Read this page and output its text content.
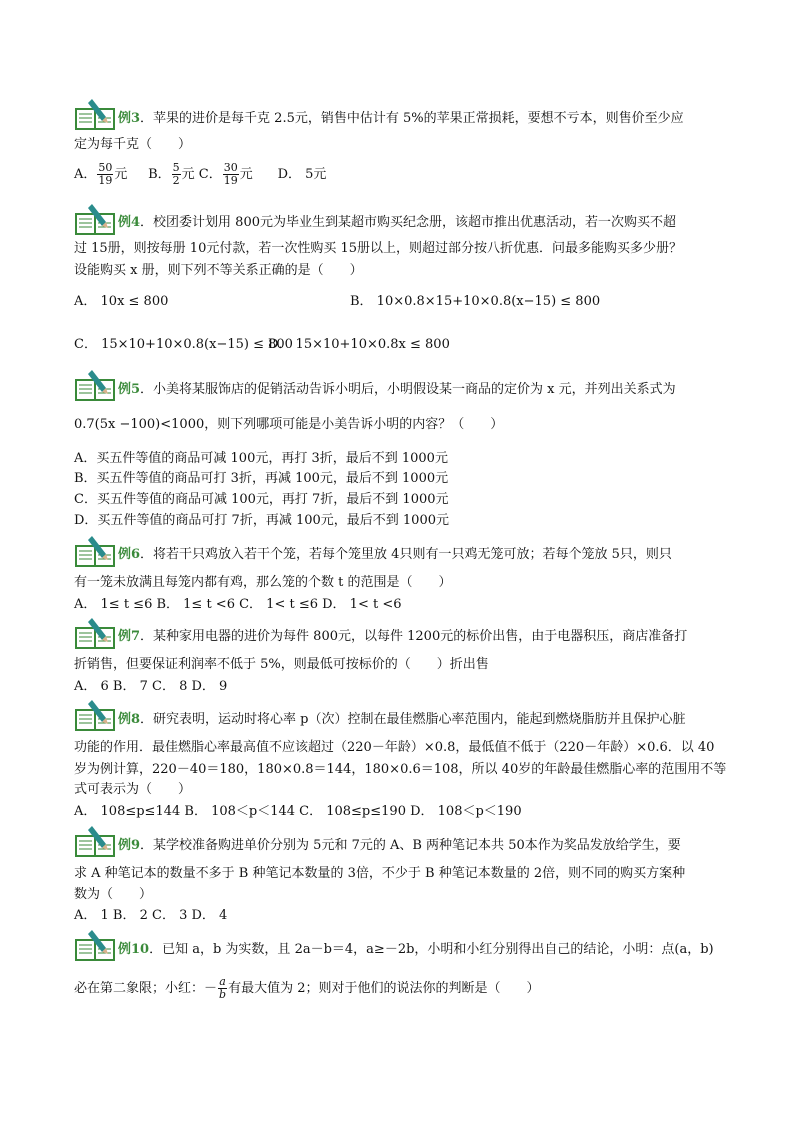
例3．苹果的进价是每千克 2.5元，销售中估计有 5%的苹果正常损耗，要想不亏本，则售价至少应
定为每千克（　　）
A． $\frac{50}{19}$ 元 B． $\frac{5}{2}$ 元 C． $\frac{30}{19}$ 元 D． 5元
例4．校团委计划用 800元为毕业生到某超市购买纪念册，该超市推出优惠活动，若一次购买不超
过 15册，则按每册 10元付款，若一次性购买 15册以上，则超过部分按八折优惠．问最多能购买多少册？
设能购买 x 册，则下列不等关系正确的是（　　）
A． 10x ≤ 800	B． 10×0.8×15+10×0.8(x−15) ≤ 800
C． 15×10+10×0.8(x−15) ≤ 800
D． 15×10+10×0.8x ≤ 800
例5．小美将某服饰店的促销活动告诉小明后，小明假设某一商品的定价为 x 元，并列出关系式为
0.7(5x −100)<1000，则下列哪项可能是小美告诉小明的内容？（　　）
A．买五件等值的商品可减 100元，再打 3折，最后不到 1000元
B．买五件等值的商品可打 3折，再减 100元，最后不到 1000元
C．买五件等值的商品可减 100元，再打 7折，最后不到 1000元
D．买五件等值的商品可打 7折，再减 100元，最后不到 1000元
例6．将若干只鸡放入若干个笼，若每个笼里放 4只则有一只鸡无笼可放；若每个笼放 5只，则只
有一笼未放满且每笼内都有鸡，那么笼的个数 t 的范围是（　　）
A． 1≤ t ≤6 B． 1≤ t <6 C． 1< t ≤6 D． 1< t <6
例7．某种家用电器的进价为每件 800元，以每件 1200元的标价出售，由于电器积压，商店准备打
折销售，但要保证利润率不低于 5%，则最低可按标价的（　　）折出售
A． 6 B． 7 C． 8 D． 9
例8．研究表明，运动时将心率 p（次）控制在最佳燃脂心率范围内，能起到燃烧脂肪并且保护心脏
功能的作用．最佳燃脂心率最高值不应该超过（220－年龄）×0.8，最低值不低于（220－年龄）×0.6．以 40
岁为例计算，220－40＝180，180×0.8＝144，180×0.6＝108，所以 40岁的年龄最佳燃脂心率的范围用不等
式可表示为（　　）
A． 108≤p≤144 B． 108＜p＜144 C． 108≤p≤190 D． 108＜p＜190
例9．某学校准备购进单价分别为 5元和 7元的 A、B 两种笔记本共 50本作为奖品发放给学生，要
求 A 种笔记本的数量不多于 B 种笔记本数量的 3倍，不少于 B 种笔记本数量的 2倍，则不同的购买方案种
数为（　　）
A． 1 B． 2 C． 3 D． 4
例10．已知 a，b 为实数，且 2a－b＝4，a≥－2b，小明和小红分别得出自己的结论，小明：点(a，b)
必在第二象限；小红：－ $\frac{a}{b}$ 有最大值为 2；则对于他们的说法你的判断是（　　）
